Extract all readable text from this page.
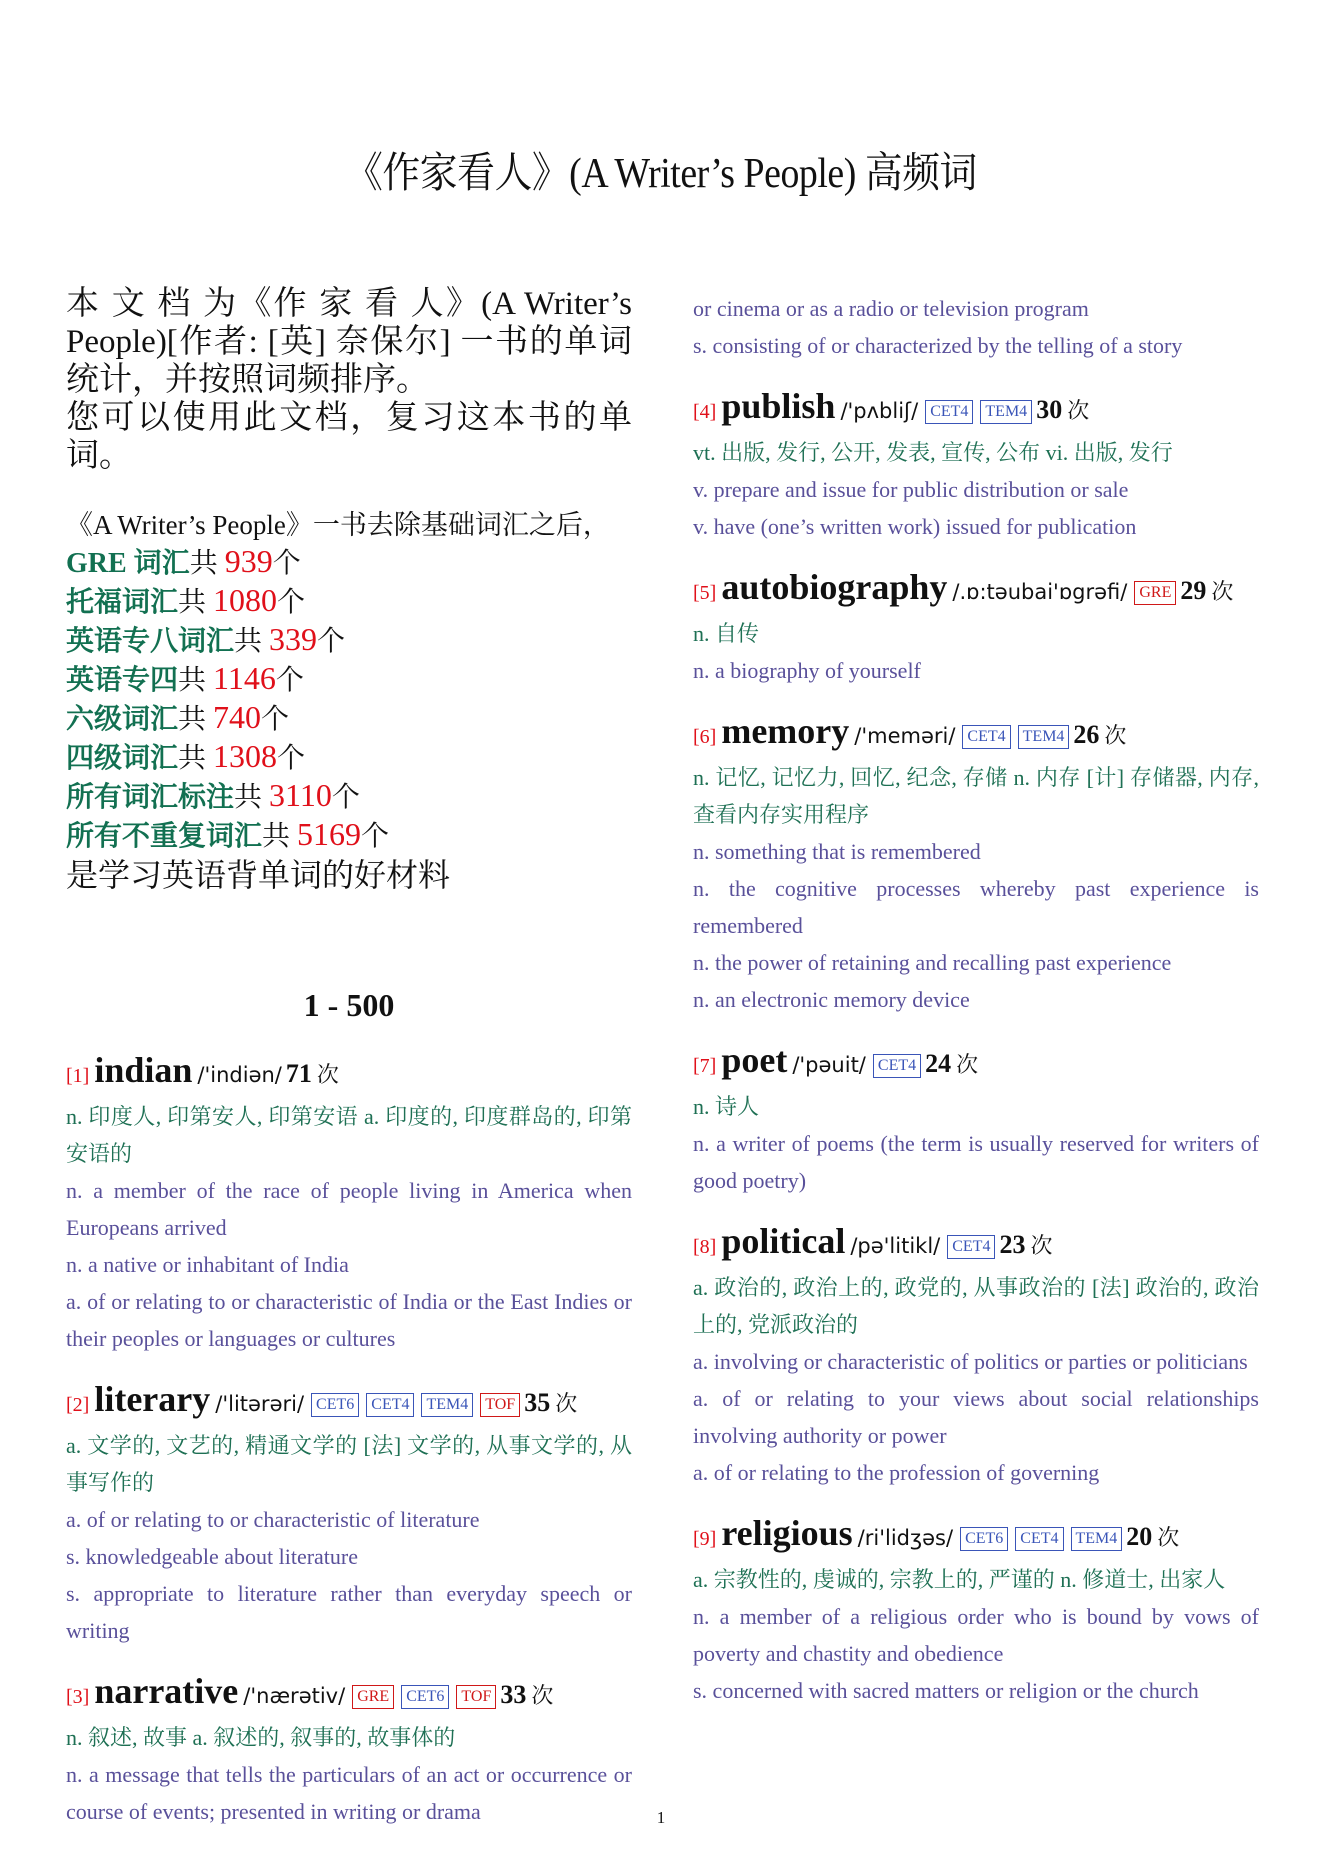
《作家看人》(A Writer’s People) 高频词

本 文 档 为《作 家 看 人》(A Writer’s People)[作者: [英] 奈保尔] 一书的单词统计，并按照词频排序。

您可以使用此文档，复习这本书的单词。

《A Writer’s People》一书去除基础词汇之后，
GRE 词汇共 939个
托福词汇共 1080个
英语专八词汇共 339个
英语专四共 1146个
六级词汇共 740个
四级词汇共 1308个
所有词汇标注共 3110个
所有不重复词汇共 5169个
是学习英语背单词的好材料
1 - 500
[1] indian /'indiən/ 71 次
n. 印度人, 印第安人, 印第安语 a. 印度的, 印度群岛的, 印第安语的
n. a member of the race of people living in America when Europeans arrived
n. a native or inhabitant of India
a. of or relating to or characteristic of India or the East Indies or their peoples or languages or cultures
[2] literary /'litərəri/ CET6 CET4 TEM4 TOF 35 次
a. 文学的, 文艺的, 精通文学的 [法] 文学的, 从事文学的, 从事写作的
a. of or relating to or characteristic of literature
s. knowledgeable about literature
s. appropriate to literature rather than everyday speech or writing
[3] narrative /'nærətiv/ GRE CET6 TOF 33 次
n. 叙述, 故事 a. 叙述的, 叙事的, 故事体的
n. a message that tells the particulars of an act or occurrence or course of events; presented in writing or drama
or cinema or as a radio or television program
s. consisting of or characterized by the telling of a story
[4] publish /'pʌbliʃ/ CET4 TEM4 30 次
vt. 出版, 发行, 公开, 发表, 宣传, 公布 vi. 出版, 发行
v. prepare and issue for public distribution or sale
v. have (one’s written work) issued for publication
[5] autobiography /.ɒ:təubai'ɒgrəfi/ GRE 29 次
n. 自传
n. a biography of yourself
[6] memory /'meməri/ CET4 TEM4 26 次
n. 记忆, 记忆力, 回忆, 纪念, 存储 n. 内存 [计] 存储器, 内存, 查看内存实用程序
n. something that is remembered
n. the cognitive processes whereby past experience is remembered
n. the power of retaining and recalling past experience
n. an electronic memory device
[7] poet /'pəuit/ CET4 24 次
n. 诗人
n. a writer of poems (the term is usually reserved for writers of good poetry)
[8] political /pə'litikl/ CET4 23 次
a. 政治的, 政治上的, 政党的, 从事政治的 [法] 政治的, 政治上的, 党派政治的
a. involving or characteristic of politics or parties or politicians
a. of or relating to your views about social relationships involving authority or power
a. of or relating to the profession of governing
[9] religious /ri'lidʒəs/ CET6 CET4 TEM4 20 次
a. 宗教性的, 虔诚的, 宗教上的, 严谨的 n. 修道士, 出家人
n. a member of a religious order who is bound by vows of poverty and chastity and obedience
s. concerned with sacred matters or religion or the church
1
